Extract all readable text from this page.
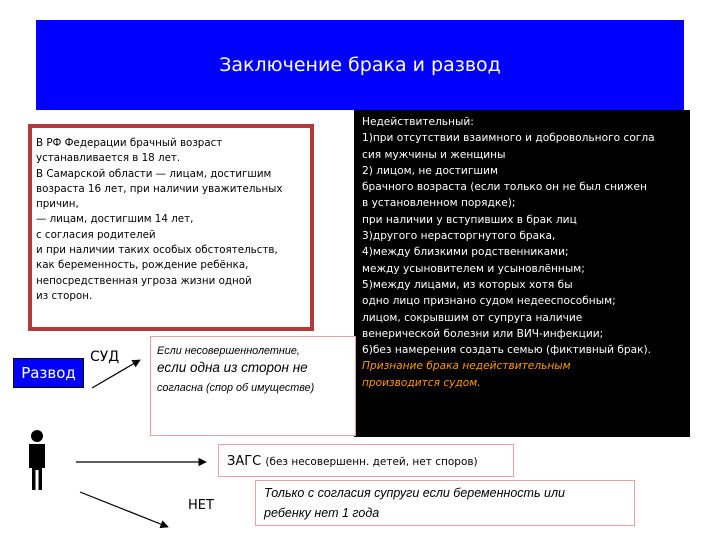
Заключение брака и развод

В РФ Федерации брачный возраст
устанавливается в 18 лет.
В Самарской области — лицам, достигшим
возраста 16 лет, при наличии уважительных
причин,
— лицам, достигшим 14 лет,
с согласия родителей
и при наличии таких особых обстоятельств,
как беременность, рождение ребёнка,
непосредственная угроза жизни одной
из сторон.

Недействительный:
1)при отсутствии взаимного и добровольного согла
сия мужчины и женщины
2) лицом, не достигшим
брачного возраста (если только он не был снижен
в установленном порядке);
при наличии у вступивших в брак лиц
3)другого нерасторгнутого брака,
4)между близкими родственниками;
между усыновителем и усыновлённым;
5)между лицами, из которых хотя бы
одно лицо признано судом недееспособным;
лицом, сокрывшим от супруга наличие
венерической болезни или ВИЧ-инфекции;
6)без намерения создать семью (фиктивный брак).
Признание брака недействительным
производится судом.
Развод
СУД	Если несовершеннолетние,
если одна из сторон не
согласна (спор об имуществе)
ЗАГС (без несовершенн. детей, нет споров)
НЕТ
Только с согласия супруги если беременность или
ребенку нет 1 года
